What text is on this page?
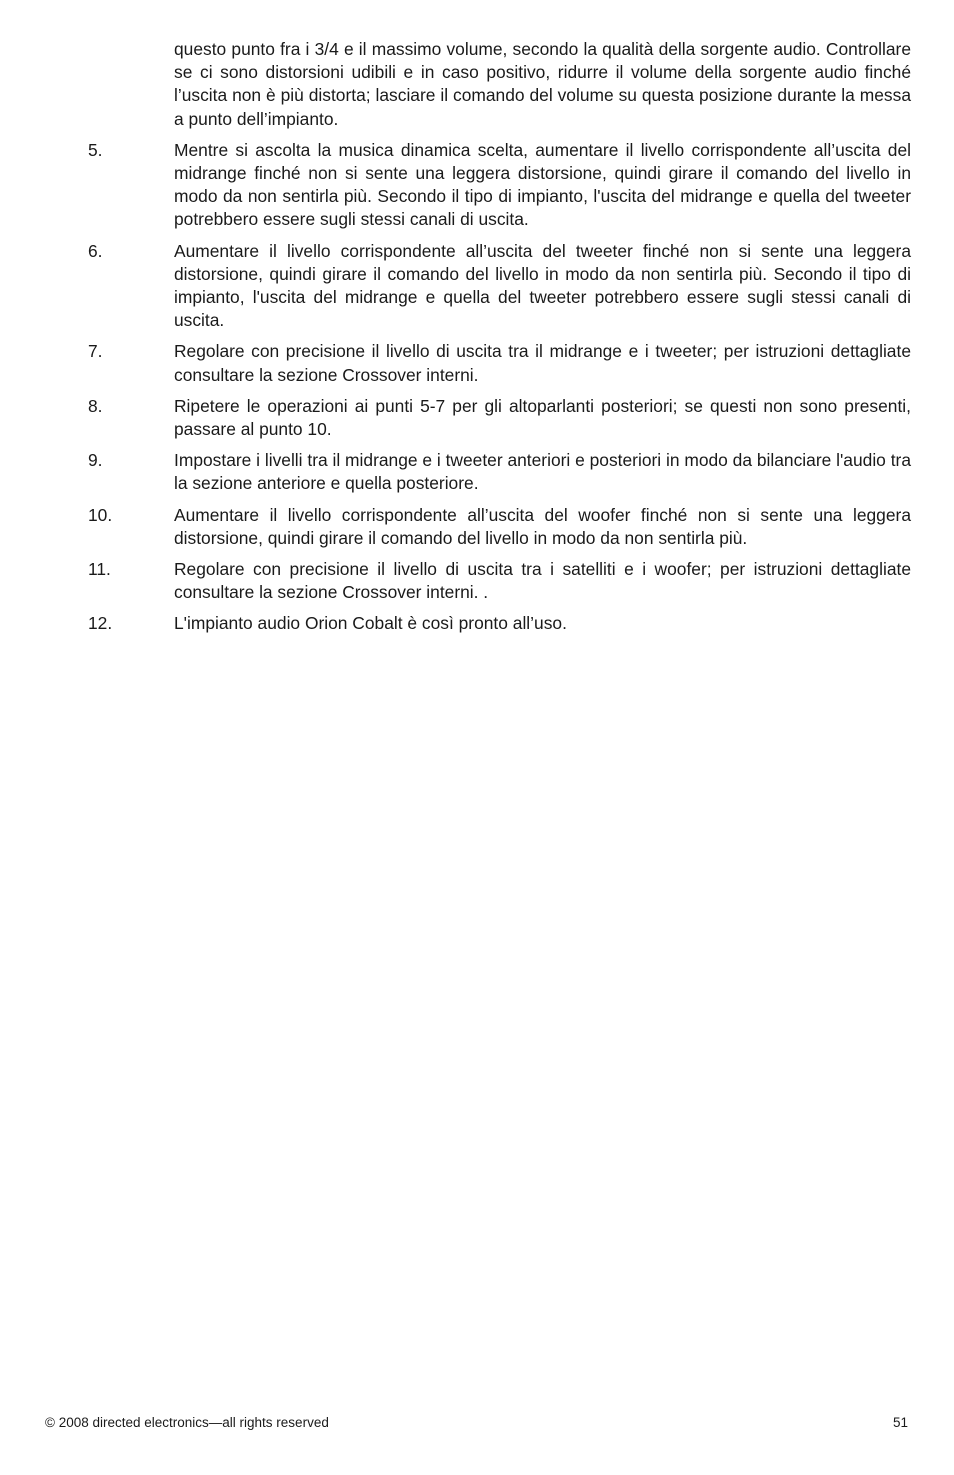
questo punto fra i 3/4 e il massimo volume, secondo la qualità della sorgente audio. Controllare se ci sono distorsioni udibili e in caso positivo, ridurre il volume della sorgente audio finché l’uscita non è più distorta; lasciare il comando del volume su questa posizione durante la messa a punto dell’impianto.

5.	Mentre si ascolta la musica dinamica scelta, aumentare il livello corrispondente all’uscita del midrange finché non si sente una leggera distorsione, quindi girare il comando del livello in modo da non sentirla più. Secondo il tipo di impianto, l'uscita del midrange e quella del tweeter potrebbero essere sugli stessi canali di uscita.
6.	Aumentare il livello corrispondente all’uscita del tweeter finché non si sente una leggera distorsione, quindi girare il comando del livello in modo da non sentirla più. Secondo il tipo di impianto, l'uscita del midrange e quella del tweeter potrebbero essere sugli stessi canali di uscita.
7.	Regolare con precisione il livello di uscita tra il midrange e i tweeter; per istruzioni dettagliate consultare la sezione Crossover interni.
8.	Ripetere le operazioni ai punti 5-7 per gli altoparlanti posteriori; se questi non sono presenti, passare al punto 10.
9.	Impostare i livelli tra il midrange e i tweeter anteriori e posteriori in modo da bilanciare l'audio tra la sezione anteriore e quella posteriore.
10.	Aumentare il livello corrispondente all’uscita del woofer finché non si sente una leggera distorsione, quindi girare il comando del livello in modo da non sentirla più.
11.	Regolare con precisione il livello di uscita tra i satelliti e i woofer; per istruzioni dettagliate consultare la sezione Crossover interni. .
12.	L'impianto audio Orion Cobalt è così pronto all’uso.
© 2008 directed electronics—all rights reserved	51
